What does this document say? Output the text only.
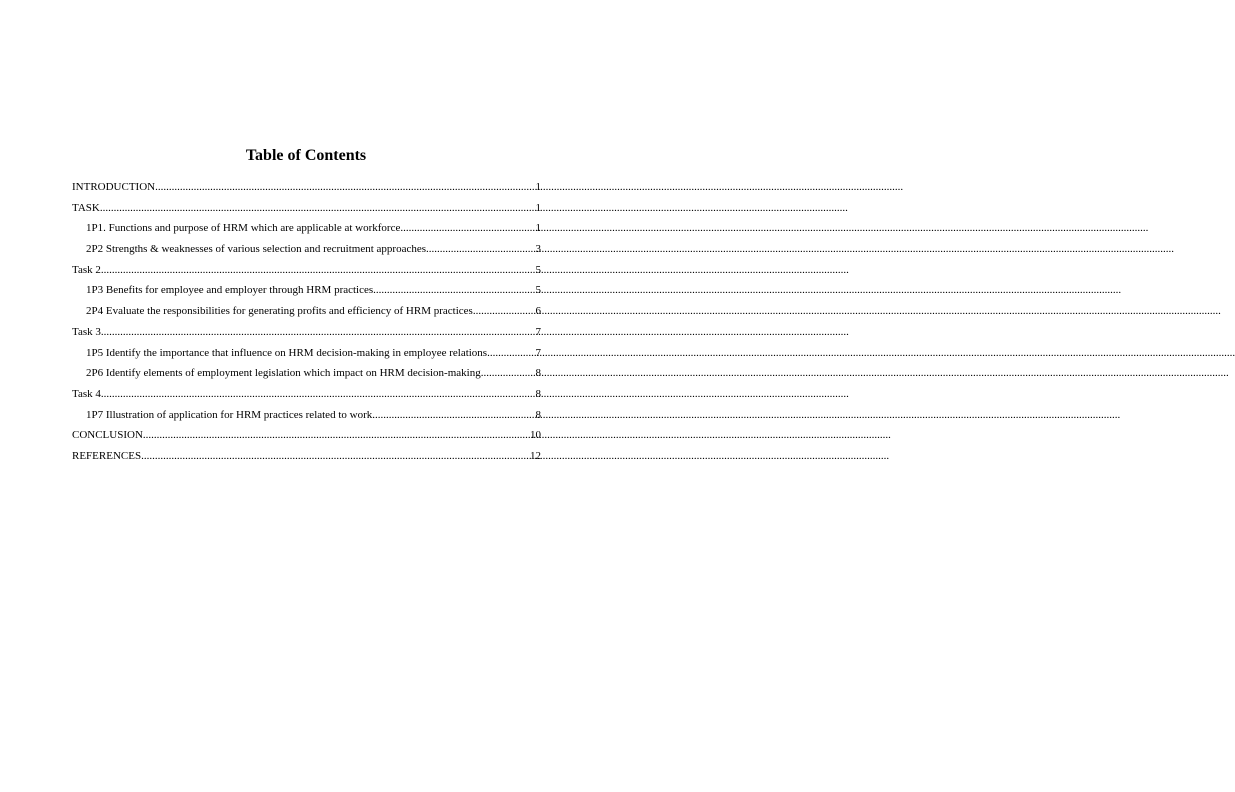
Table of Contents
INTRODUCTION .....	1
TASK .....	1
1P1. Functions and purpose of HRM which are applicable at workforce .....	1
2P2 Strengths & weaknesses of various selection and recruitment approaches .....	3
Task 2 .....	5
1P3 Benefits for employee and employer through HRM practices .....	5
2P4 Evaluate the responsibilities for generating profits and efficiency of HRM practices .....	6
Task 3 .....	7
1P5 Identify the importance that influence on HRM decision-making in employee relations .....	7
2P6 Identify elements of employment legislation which impact on HRM decision-making .....	8
Task 4 .....	8
1P7 Illustration of application for HRM practices related to work .....	8
CONCLUSION .....	10
REFERENCES .....	12
